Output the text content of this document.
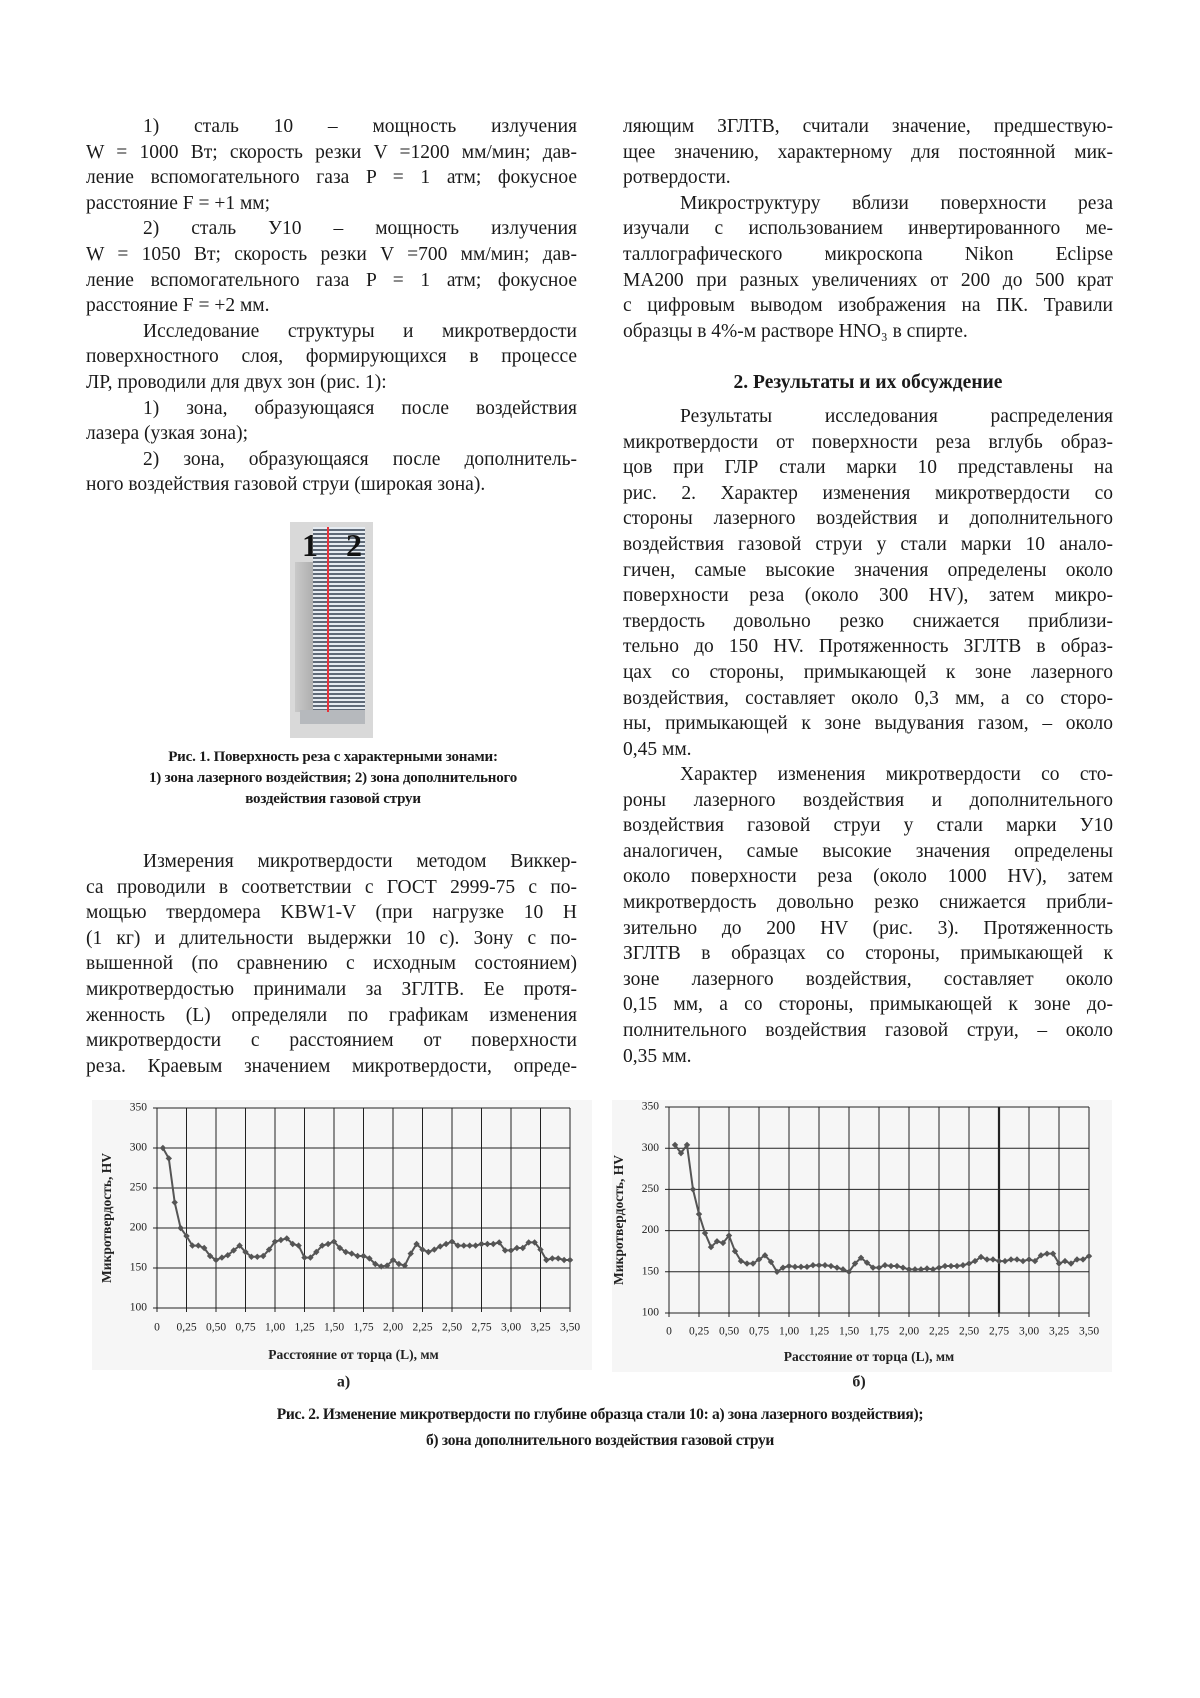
1) сталь 10 – мощность излучения
W = 1000 Вт; скорость резки V =1200 мм/мин; дав-
ление вспомогательного газа P = 1 атм; фокусное
расстояние F = +1 мм;
2) сталь У10 – мощность излучения
W = 1050 Вт; скорость резки V =700 мм/мин; дав-
ление вспомогательного газа P = 1 атм; фокусное
расстояние F = +2 мм.
Исследование структуры и микротвердости
поверхностного слоя, формирующихся в процессе
ЛР, проводили для двух зон (рис. 1):
1) зона, образующаяся после воздействия
лазера (узкая зона);
2) зона, образующаяся после дополнитель-
ного воздействия газовой струи (широкая зона).
1 2
Рис. 1. Поверхность реза с характерными зонами:
1) зона лазерного воздействия; 2) зона дополнительного
воздействия газовой струи
Измерения микротвердости методом Виккер-
са проводили в соответствии с ГОСТ 2999-75 с по-
мощью твердомера KBW1-V (при нагрузке 10 Н
(1 кг) и длительности выдержки 10 с). Зону с по-
вышенной (по сравнению с исходным состоянием)
микротвердостью принимали за ЗГЛТВ. Ее протя-
женность (L) определяли по графикам изменения
микротвердости с расстоянием от поверхности
реза. Краевым значением микротвердости, опреде-
ляющим ЗГЛТВ, считали значение, предшествую-
щее значению, характерному для постоянной мик-
ротвердости.
Микроструктуру вблизи поверхности реза
изучали с использованием инвертированного ме-
таллографического микроскопа Nikon Eclipse
MA200 при разных увеличениях от 200 до 500 крат
с цифровым выводом изображения на ПК. Травили
образцы в 4%-м растворе HNO₃ в спирте.
2. Результаты и их обсуждение
Результаты исследования распределения
микротвердости от поверхности реза вглубь образ-
цов при ГЛР стали марки 10 представлены на
рис. 2. Характер изменения микротвердости со
стороны лазерного воздействия и дополнительного
воздействия газовой струи у стали марки 10 анало-
гичен, самые высокие значения определены около
поверхности реза (около 300 HV), затем микро-
твердость довольно резко снижается приблизи-
тельно до 150 HV. Протяженность ЗГЛТВ в образ-
цах со стороны, примыкающей к зоне лазерного
воздействия, составляет около 0,3 мм, а со сторо-
ны, примыкающей к зоне выдувания газом, – около
0,45 мм.
Характер изменения микротвердости со сто-
роны лазерного воздействия и дополнительного
воздействия газовой струи у стали марки У10
аналогичен, самые высокие значения определены
около поверхности реза (около 1000 HV), затем
микротвердость довольно резко снижается прибли-
зительно до 200 HV (рис. 3). Протяженность
ЗГЛТВ в образцах со стороны, примыкающей к
зоне лазерного воздействия, составляет около
0,15 мм, а со стороны, примыкающей к зоне до-
полнительного воздействия газовой струи, – около
0,35 мм.
0 0,25 0,50 0,75 1,00 1,25 1,50 1,75 2,00 2,25 2,50 2,75 3,00 3,25 3,50
100
150
200
250
300
350
Расстояние от торца (L), мм
Микротвердость, HV
а)
0 0,25 0,50 0,75 1,00 1,25 1,50 1,75 2,00 2,25 2,50 2,75 3,00 3,25 3,50
100
150
200
250
300
350
Расстояние от торца (L), мм
Микротвердость, HV
б)
Рис. 2. Изменение микротвердости по глубине образца стали 10: а) зона лазерного воздействия);
б) зона дополнительного воздействия газовой струи
